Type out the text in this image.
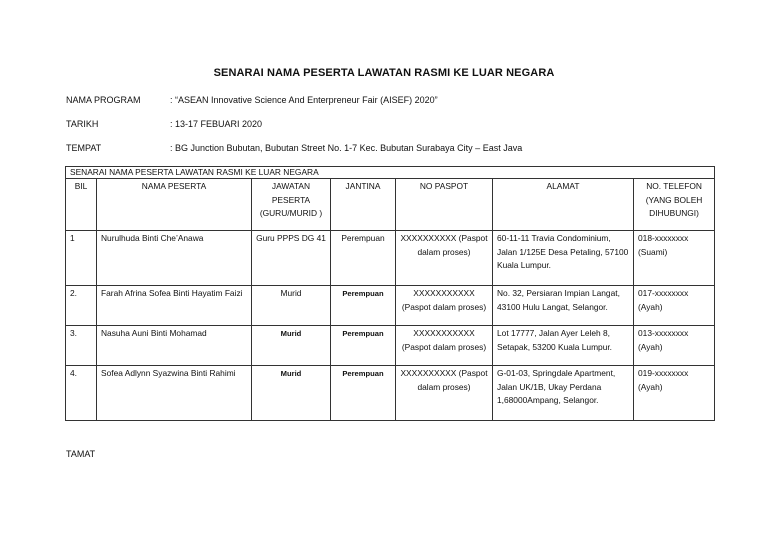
SENARAI NAMA PESERTA LAWATAN RASMI KE LUAR NEGARA
NAMA PROGRAM	: “ASEAN Innovative Science And Enterpreneur Fair (AISEF) 2020”
TARIKH	: 13-17 FEBUARI 2020
TEMPAT	: BG Junction Bubutan, Bubutan Street No. 1-7 Kec. Bubutan Surabaya City – East Java
SENARAI NAMA PESERTA LAWATAN RASMI KE LUAR NEGARA						
BIL	NAMA PESERTA	JAWATAN PESERTA (GURU/MURID )	JANTINA	NO PASPOT	ALAMAT	NO. TELEFON (YANG BOLEH DIHUBUNGI)
1	Nurulhuda Binti Che’Anawa	Guru PPPS DG 41	Perempuan	XXXXXXXXXX (Paspot dalam proses)	60-11-11 Travia Condominium, Jalan 1/125E Desa Petaling, 57100 Kuala Lumpur.	018-xxxxxxxx (Suami)
2.	Farah Afrina Sofea Binti Hayatim Faizi	Murid	Perempuan	XXXXXXXXXXX (Paspot dalam proses)	No. 32, Persiaran Impian Langat, 43100 Hulu Langat, Selangor.	017-xxxxxxxx (Ayah)
3.	Nasuha Auni Binti Mohamad	Murid	Perempuan	XXXXXXXXXXX (Paspot dalam proses)	Lot 17777, Jalan Ayer Leleh 8, Setapak, 53200 Kuala Lumpur.	013-xxxxxxxx (Ayah)
4.	Sofea Adlynn Syazwina Binti Rahimi	Murid	Perempuan	XXXXXXXXXX (Paspot dalam proses)	G-01-03, Springdale Apartment, Jalan UK/1B, Ukay Perdana 1,68000Ampang, Selangor.	019-xxxxxxxx (Ayah)
TAMAT
